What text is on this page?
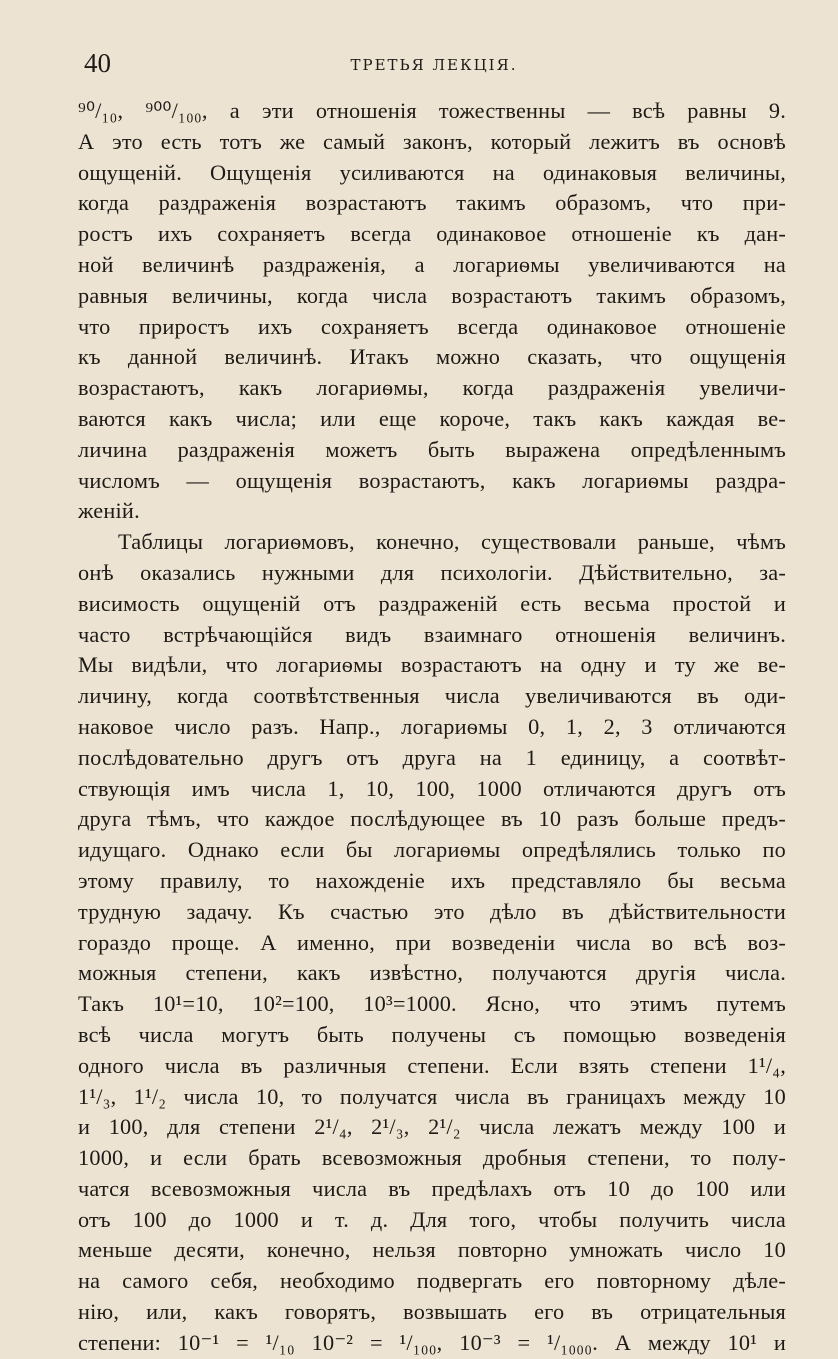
40	ТРЕТЬЯ ЛЕКЦІЯ.
⁹⁰/₁₀, ⁹⁰⁰/₁₀₀, а эти отношенія тожественны — всѣ равны 9.
А это есть тотъ же самый законъ, который лежитъ въ основѣ
ощущеній. Ощущенія усиливаются на одинаковыя величины,
когда раздраженія возрастаютъ такимъ образомъ, что при-
ростъ ихъ сохраняетъ всегда одинаковое отношеніе къ дан-
ной величинѣ раздраженія, а логариѳмы увеличиваются на
равныя величины, когда числа возрастаютъ такимъ образомъ,
что приростъ ихъ сохраняетъ всегда одинаковое отношеніе
къ данной величинѣ. Итакъ можно сказать, что ощущенія
возрастаютъ, какъ логариѳмы, когда раздраженія увеличи-
ваются какъ числа; или еще короче, такъ какъ каждая ве-
личина раздраженія можетъ быть выражена опредѣленнымъ
числомъ — ощущенія возрастаютъ, какъ логариѳмы раздра-
женій.
Таблицы логариѳмовъ, конечно, существовали раньше, чѣмъ
онѣ оказались нужными для психологіи. Дѣйствительно, за-
висимость ощущеній отъ раздраженій есть весьма простой и
часто встрѣчающійся видъ взаимнаго отношенія величинъ.
Мы видѣли, что логариѳмы возрастаютъ на одну и ту же ве-
личину, когда соотвѣтственныя числа увеличиваются въ оди-
наковое число разъ. Напр., логариѳмы 0, 1, 2, 3 отличаются
послѣдовательно другъ отъ друга на 1 единицу, а соотвѣт-
ствующія имъ числа 1, 10, 100, 1000 отличаются другъ отъ
друга тѣмъ, что каждое послѣдующее въ 10 разъ больше предъ-
идущаго. Однако если бы логариѳмы опредѣлялись только по
этому правилу, то нахожденіе ихъ представляло бы весьма
трудную задачу. Къ счастью это дѣло въ дѣйствительности
гораздо проще. А именно, при возведеніи числа во всѣ воз-
можныя степени, какъ извѣстно, получаются другія числа.
Такъ 10¹=10, 10²=100, 10³=1000. Ясно, что этимъ путемъ
всѣ числа могутъ быть получены съ помощью возведенія
одного числа въ различныя степени. Если взять степени 1¹/₄,
1¹/₃, 1¹/₂ числа 10, то получатся числа въ границахъ между 10
и 100, для степени 2¹/₄, 2¹/₃, 2¹/₂ числа лежатъ между 100 и
1000, и если брать всевозможныя дробныя степени, то полу-
чатся всевозможныя числа въ предѣлахъ отъ 10 до 100 или
отъ 100 до 1000 и т. д. Для того, чтобы получить числа
меньше десяти, конечно, нельзя повторно умножать число 10
на самого себя, необходимо подвергать его повторному дѣле-
нію, или, какъ говорятъ, возвышать его въ отрицательныя
степени: 10⁻¹ = ¹/₁₀ 10⁻² = ¹/₁₀₀, 10⁻³ = ¹/₁₀₀₀. А между 10¹ и
